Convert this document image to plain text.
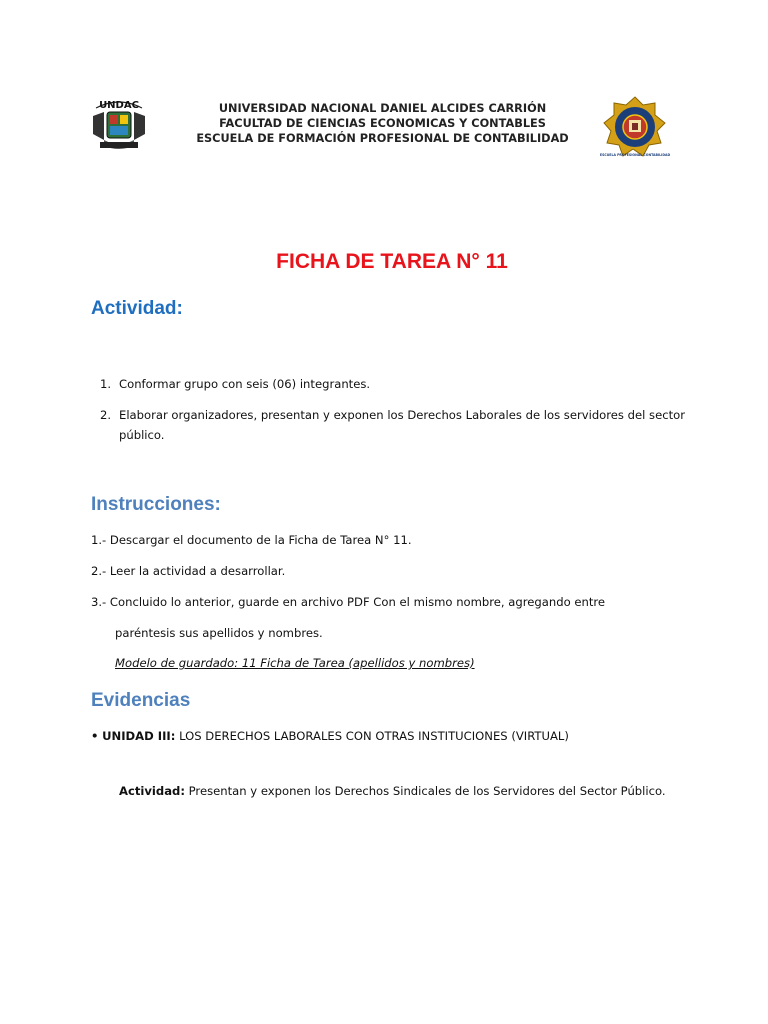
UNDAC	UNIVERSIDAD NACIONAL DANIEL ALCIDES CARRIÓN
FACULTAD DE CIENCIAS ECONOMICAS Y CONTABLES
ESCUELA DE FORMACIÓN PROFESIONAL DE CONTABILIDAD
ESCUELA PROFESIONAL CONTABILIDAD
FICHA DE TAREA N° 11
Actividad:
1. Conformar grupo con seis (06) integrantes.
2. Elaborar organizadores, presentan y exponen los Derechos Laborales de los servidores del sector público.
Instrucciones:
1.- Descargar el documento de la Ficha de Tarea N° 11.
2.- Leer la actividad a desarrollar.
3.- Concluido lo anterior, guarde en archivo PDF Con el mismo nombre, agregando entre
paréntesis sus apellidos y nombres.
Modelo de guardado: 11 Ficha de Tarea (apellidos y nombres)
Evidencias
• UNIDAD III: LOS DERECHOS LABORALES CON OTRAS INSTITUCIONES (VIRTUAL)
Actividad: Presentan y exponen los Derechos Sindicales de los Servidores del Sector Público.
